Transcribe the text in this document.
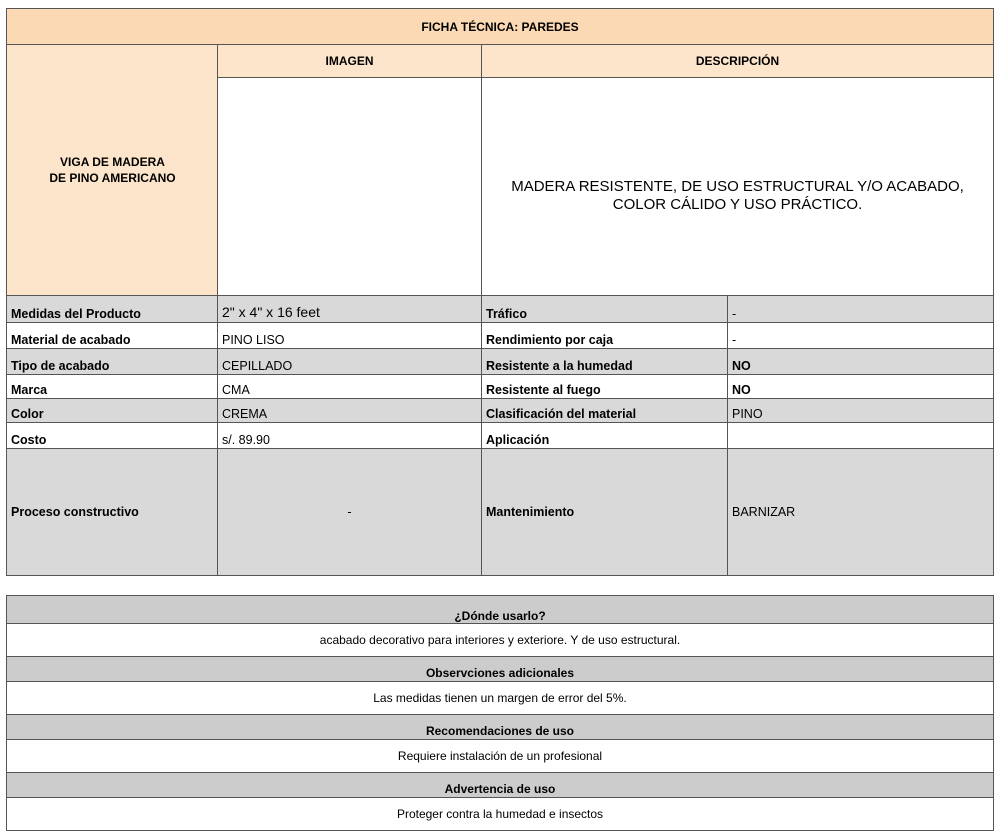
FICHA TÉCNICA: PAREDES
VIGA DE MADERA
DE PINO AMERICANO
IMAGEN	DESCRIPCIÓN
MADERA RESISTENTE, DE USO ESTRUCTURAL Y/O ACABADO,
COLOR CÁLIDO Y USO PRÁCTICO.
Medidas del Producto	2" x 4" x 16 feet	Tráfico	-
Material de acabado	PINO LISO	Rendimiento por caja	-
Tipo de acabado	CEPILLADO	Resistente a la humedad	NO
Marca	CMA	Resistente al fuego	NO
Color	CREMA	Clasificación del material	PINO
Costo	s/. 89.90	Aplicación
Proceso constructivo	-	Mantenimiento	BARNIZAR
¿Dónde usarlo?
acabado decorativo para interiores y exteriore. Y de uso estructural.
Observciones adicionales
Las medidas tienen un margen de error del 5%.
Recomendaciones de uso
Requiere instalación de un profesional
Advertencia de uso
Proteger contra la humedad e insectos
